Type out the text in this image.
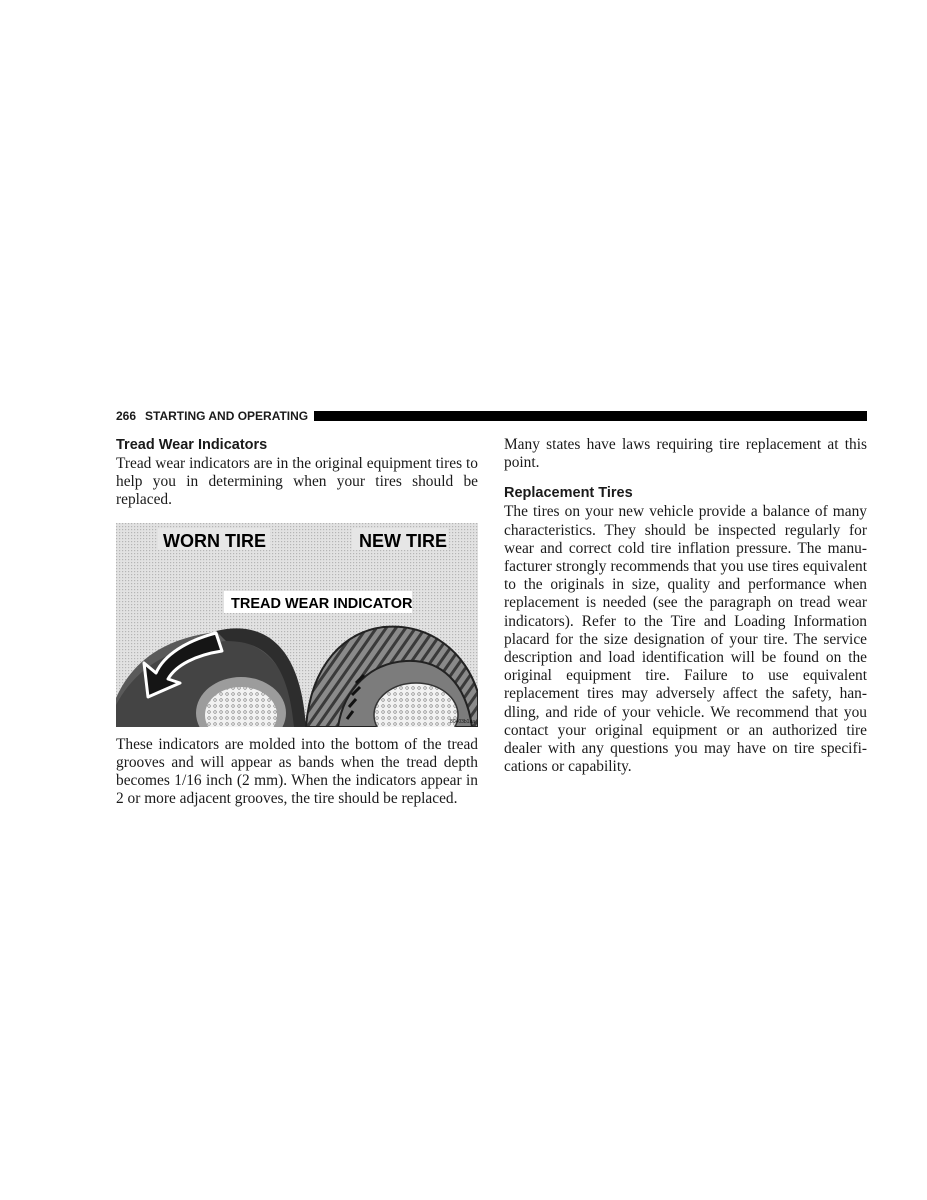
266 STARTING AND OPERATING
Tread Wear Indicators

Tread wear indicators are in the original equipment tires to help you in determining when your tires should be replaced.

WORN TIRE	NEW TIRE
TREAD WEAR INDICATOR
80403b1aa

These indicators are molded into the bottom of the tread grooves and will appear as bands when the tread depth becomes 1/16 inch (2 mm). When the indicators appear in 2 or more adjacent grooves, the tire should be replaced.

Many states have laws requiring tire replacement at this point.

Replacement Tires

The tires on your new vehicle provide a balance of many characteristics. They should be inspected regularly for wear and correct cold tire inflation pressure. The manufacturer strongly recommends that you use tires equivalent to the originals in size, quality and performance when replacement is needed (see the paragraph on tread wear indicators). Refer to the Tire and Loading Information placard for the size designation of your tire. The service description and load identification will be found on the original equipment tire. Failure to use equivalent replacement tires may adversely affect the safety, handling, and ride of your vehicle. We recommend that you contact your original equipment or an authorized tire dealer with any questions you may have on tire specifications or capability.
